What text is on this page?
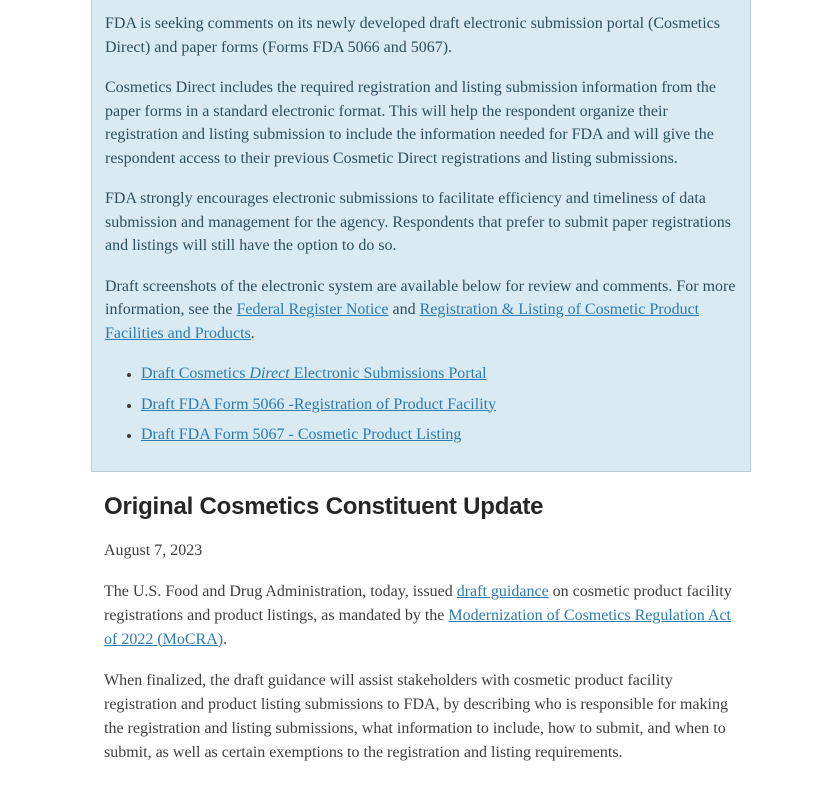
FDA is seeking comments on its newly developed draft electronic submission portal (Cosmetics Direct) and paper forms (Forms FDA 5066 and 5067).

Cosmetics Direct includes the required registration and listing submission information from the paper forms in a standard electronic format. This will help the respondent organize their registration and listing submission to include the information needed for FDA and will give the respondent access to their previous Cosmetic Direct registrations and listing submissions.

FDA strongly encourages electronic submissions to facilitate efficiency and timeliness of data submission and management for the agency. Respondents that prefer to submit paper registrations and listings will still have the option to do so.

Draft screenshots of the electronic system are available below for review and comments. For more information, see the Federal Register Notice and Registration & Listing of Cosmetic Product Facilities and Products.

• Draft Cosmetics Direct Electronic Submissions Portal
• Draft FDA Form 5066 -Registration of Product Facility
• Draft FDA Form 5067 - Cosmetic Product Listing
Original Cosmetics Constituent Update

August 7, 2023

The U.S. Food and Drug Administration, today, issued draft guidance on cosmetic product facility registrations and product listings, as mandated by the Modernization of Cosmetics Regulation Act of 2022 (MoCRA).

When finalized, the draft guidance will assist stakeholders with cosmetic product facility registration and product listing submissions to FDA, by describing who is responsible for making the registration and listing submissions, what information to include, how to submit, and when to submit, as well as certain exemptions to the registration and listing requirements.
